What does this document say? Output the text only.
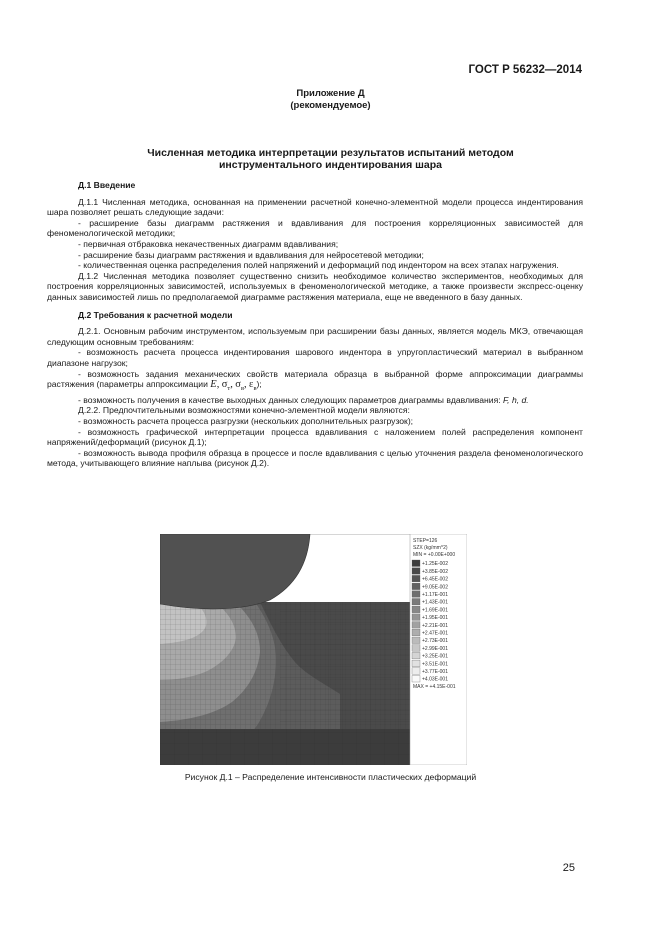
ГОСТ Р 56232—2014
Приложение Д
(рекомендуемое)
Численная методика интерпретации результатов испытаний методом
инструментального индентирования шара
Д.1 Введение

Д.1.1 Численная методика, основанная на применении расчетной конечно-элементной модели процесса индентирования шара позволяет решать следующие задачи:

- расширение базы диаграмм растяжения и вдавливания для построения корреляционных зависимостей для феноменологической методики;

- первичная отбраковка некачественных диаграмм вдавливания;

- расширение базы диаграмм растяжения и вдавливания для нейросетевой методики;

- количественная оценка распределения полей напряжений и деформаций под индентором на всех этапах нагружения.

Д.1.2 Численная методика позволяет существенно снизить необходимое количество экспериментов, необходимых для построения корреляционных зависимостей, используемых в феноменологической методике, а также произвести экспресс-оценку данных зависимостей лишь по предполагаемой диаграмме растяжения материала, еще не введенного в базу данных.

Д.2 Требования к расчетной модели

Д.2.1. Основным рабочим инструментом, используемым при расширении базы данных, является модель МКЭ, отвечающая следующим основным требованиям:

- возможность расчета процесса индентирования шарового индентора в упругопластический материал в выбранном диапазоне нагрузок;

- возможность задания механических свойств материала образца в выбранной форме аппроксимации диаграммы растяжения (параметры аппроксимации E, $\sigma_т$, $\sigma_в$, $\varepsilon_в$);

- возможность получения в качестве выходных данных следующих параметров диаграммы вдавливания: F, h, d.

Д.2.2. Предпочтительными возможностями конечно-элементной модели являются:

- возможность расчета процесса разгрузки (нескольких дополнительных разгрузок);

- возможность графической интерпретации процесса вдавливания с наложением полей распределения компонент напряжений/деформаций (рисунок Д.1);

- возможность вывода профиля образца в процессе и после вдавливания с целью уточнения раздела феноменологического метода, учитывающего влияние наплыва (рисунок Д.2).

STEP=126
SZX (kg/mm^2)
MIN = +0.00E+000
+1.25E-002
+3.85E-002
+6.45E-002
+9.05E-002
+1.17E-001
+1.43E-001
+1.69E-001
+1.95E-001
+2.21E-001
+2.47E-001
+2.73E-001
+2.99E-001
+3.25E-001
+3.51E-001
+3.77E-001
+4.03E-001
MAX = +4.15E-001
Рисунок Д.1 – Распределение интенсивности пластических деформаций
25
